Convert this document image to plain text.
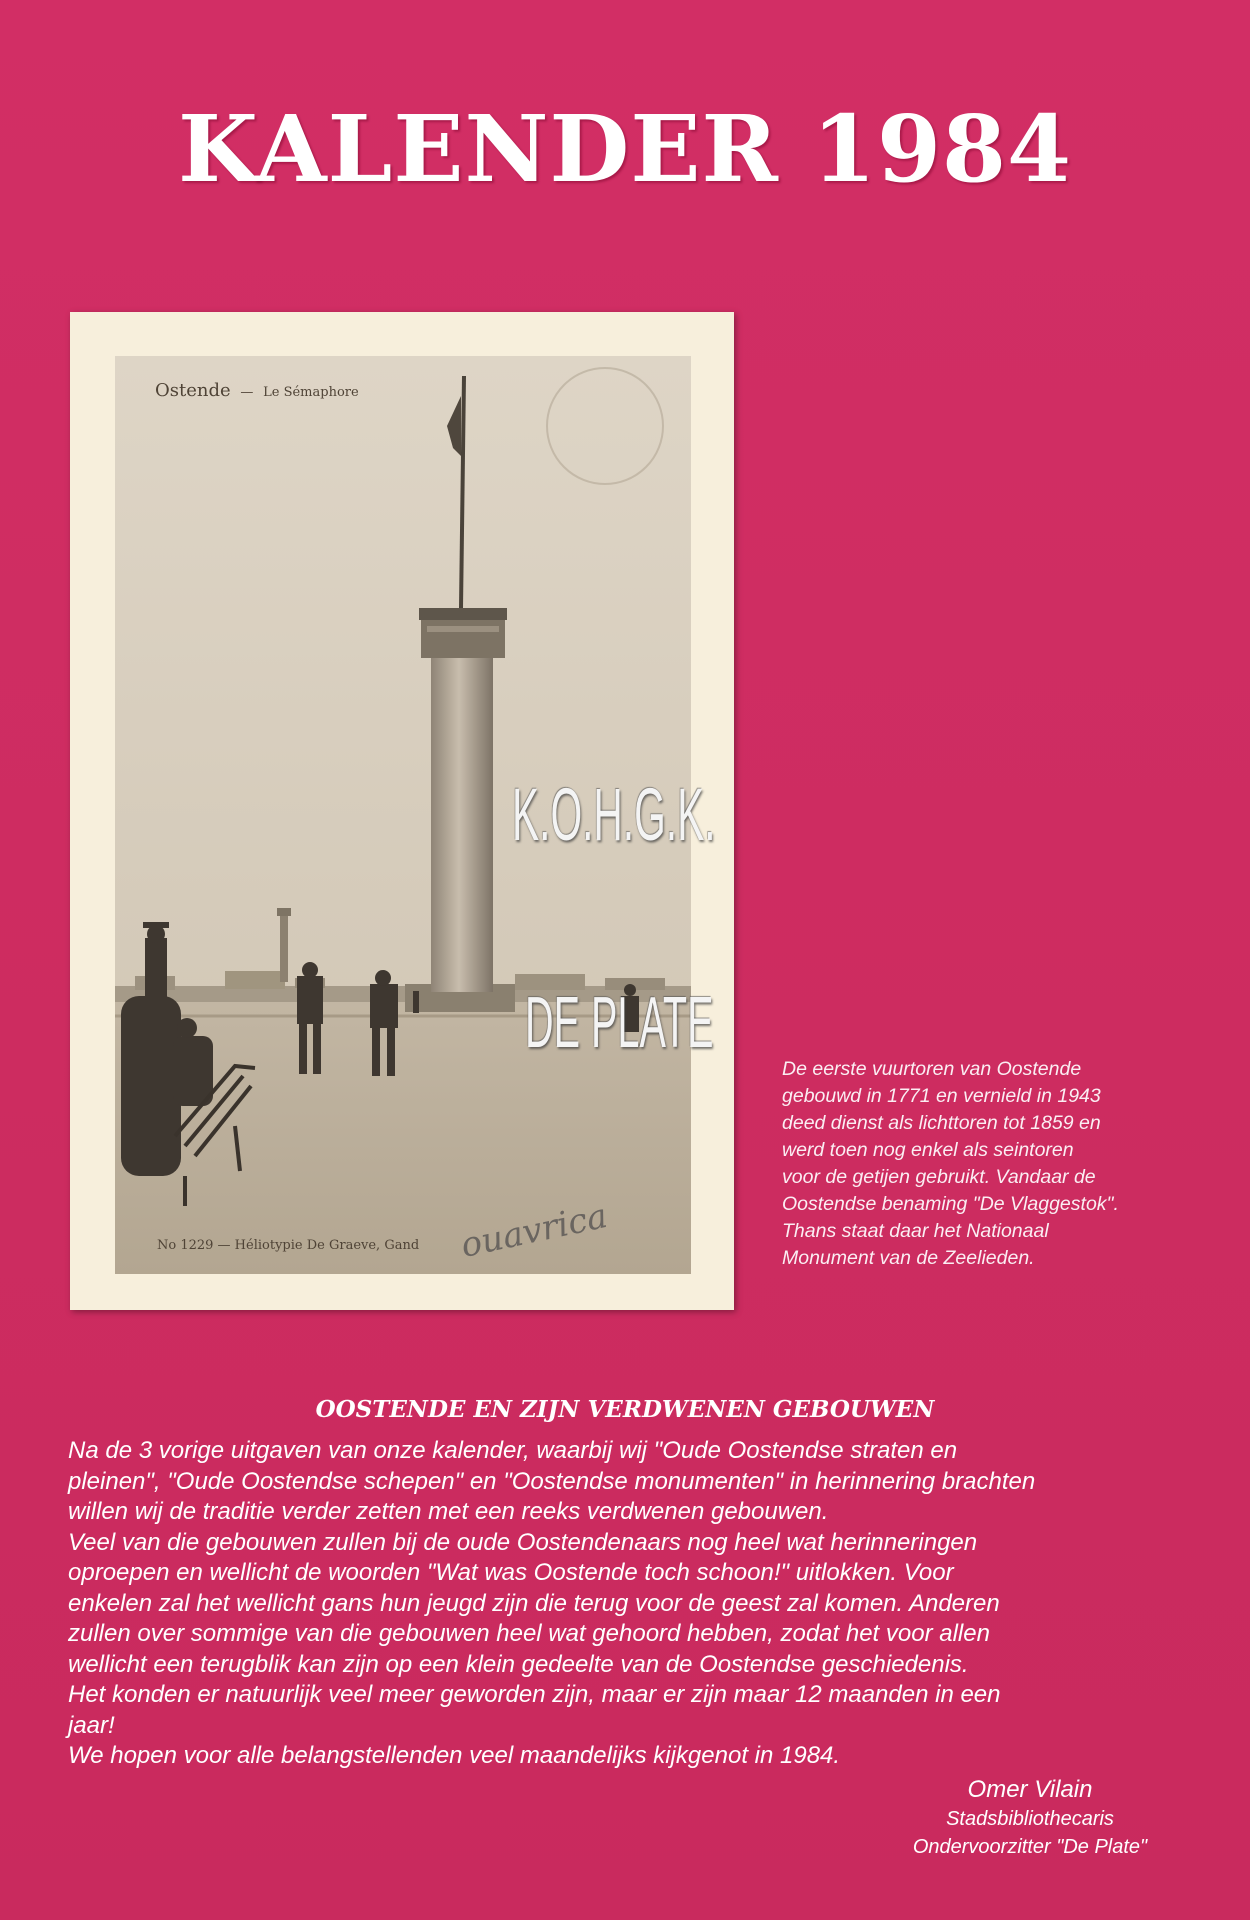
KALENDER 1984
Ostende — Le Sémaphore
No 1229 — Héliotypie De Graeve, Gand ouavrica
K.O.H.G.K.
DE PLATE
De eerste vuurtoren van Oostende
gebouwd in 1771 en vernield in 1943
deed dienst als lichttoren tot 1859 en
werd toen nog enkel als seintoren
voor de getijen gebruikt. Vandaar de
Oostendse benaming "De Vlaggestok".
Thans staat daar het Nationaal
Monument van de Zeelieden.
OOSTENDE EN ZIJN VERDWENEN GEBOUWEN
Na de 3 vorige uitgaven van onze kalender, waarbij wij "Oude Oostendse straten en
pleinen", "Oude Oostendse schepen" en "Oostendse monumenten" in herinnering brachten
willen wij de traditie verder zetten met een reeks verdwenen gebouwen.
Veel van die gebouwen zullen bij de oude Oostendenaars nog heel wat herinneringen
oproepen en wellicht de woorden "Wat was Oostende toch schoon!" uitlokken. Voor
enkelen zal het wellicht gans hun jeugd zijn die terug voor de geest zal komen. Anderen
zullen over sommige van die gebouwen heel wat gehoord hebben, zodat het voor allen
wellicht een terugblik kan zijn op een klein gedeelte van de Oostendse geschiedenis.
Het konden er natuurlijk veel meer geworden zijn, maar er zijn maar 12 maanden in een
jaar!
We hopen voor alle belangstellenden veel maandelijks kijkgenot in 1984.
Omer Vilain
Stadsbibliothecaris
Ondervoorzitter "De Plate"
